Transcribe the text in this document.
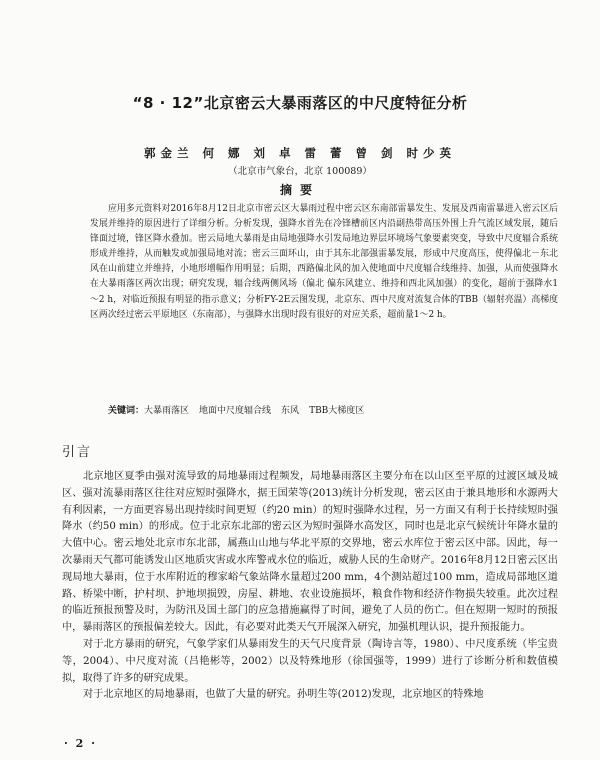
“8 · 12”北京密云大暴雨落区的中尺度特征分析
郭金兰 何 娜 刘 卓 雷 蕾 曾 剑 时少英
（北京市气象台，北京 100089）
摘要

应用多元资料对2016年8月12日北京市密云区大暴雨过程中密云区东南部雷暴发生、发展及西南雷暴进入密云区后发展并维持的原因进行了详细分析。分析发现，强降水首先在冷锋槽前区内沿副热带高压外围上升气流区域发展，随后锋面过境，锋区降水叠加。密云局地大暴雨是由局地强降水引发局地边界层环境场气象要素突变，导致中尺度辐合系统形成并维持，从而触发或加强局地对流；密云三面环山，由于其东北部强雷暴发展，形成中尺度高压，使得偏北－东北风在山前建立并维持，小地形增幅作用明显；后期，西路偏北风的加入使地面中尺度辐合线维持、加强，从而使强降水在大暴雨落区两次出现；研究发现，辐合线两侧风场（偏北 偏东风建立、维持和西北风加强）的变化，超前于强降水1～2 h，对临近预报有明显的指示意义；分析FY-2E云图发现，北京东、西中尺度对流复合体的TBB（辐射亮温）高梯度区两次经过密云平原地区（东南部），与强降水出现时段有很好的对应关系，超前量1～2 h。

关键词：大暴雨落区 地面中尺度辐合线 东风 TBB大梯度区
引言

北京地区夏季由强对流导致的局地暴雨过程频发，局地暴雨落区主要分布在以山区至平原的过渡区域及城区、强对流暴雨落区往往对应短时强降水，据王国荣等(2013)统计分析发现，密云区由于兼具地形和水源两大有利因素，一方面更容易出现持续时间更短（约20 min）的短时强降水过程，另一方面又有利于长持续短时强降水（约50 min）的形成。位于北京东北部的密云区为短时强降水高发区，同时也是北京气候统计年降水量的大值中心。密云地处北京市东北部，属燕山山地与华北平原的交界地，密云水库位于密云区中部。因此，每一次暴雨天气都可能诱发山区地质灾害或水库警戒水位的临近，威胁人民的生命财产。2016年8月12日密云区出现局地大暴雨，位于水库附近的穆家峪气象站降水量超过200 mm，4个测站超过100 mm，造成局部地区道路、桥梁中断，护村坝、护地坝损毁，房屋、耕地、农业设施损坏，粮食作物和经济作物损失较重。此次过程的临近预报预警及时，为防汛及国土部门的应急措施赢得了时间，避免了人员的伤亡。但在短期一短时的预报中，暴雨落区的预报偏差较大。因此，有必要对此类天气开展深入研究，加强机理认识，提升预报能力。

对于北方暴雨的研究，气象学家们从暴雨发生的天气尺度背景（陶诗言等，1980）、中尺度系统（毕宝贵等，2004）、中尺度对流（吕艳彬等，2002）以及特殊地形（徐国强等，1999）进行了诊断分析和数值模拟，取得了许多的研究成果。

对于北京地区的局地暴雨，也做了大量的研究。孙明生等(2012)发现，北京地区的特殊地

· 2 ·
